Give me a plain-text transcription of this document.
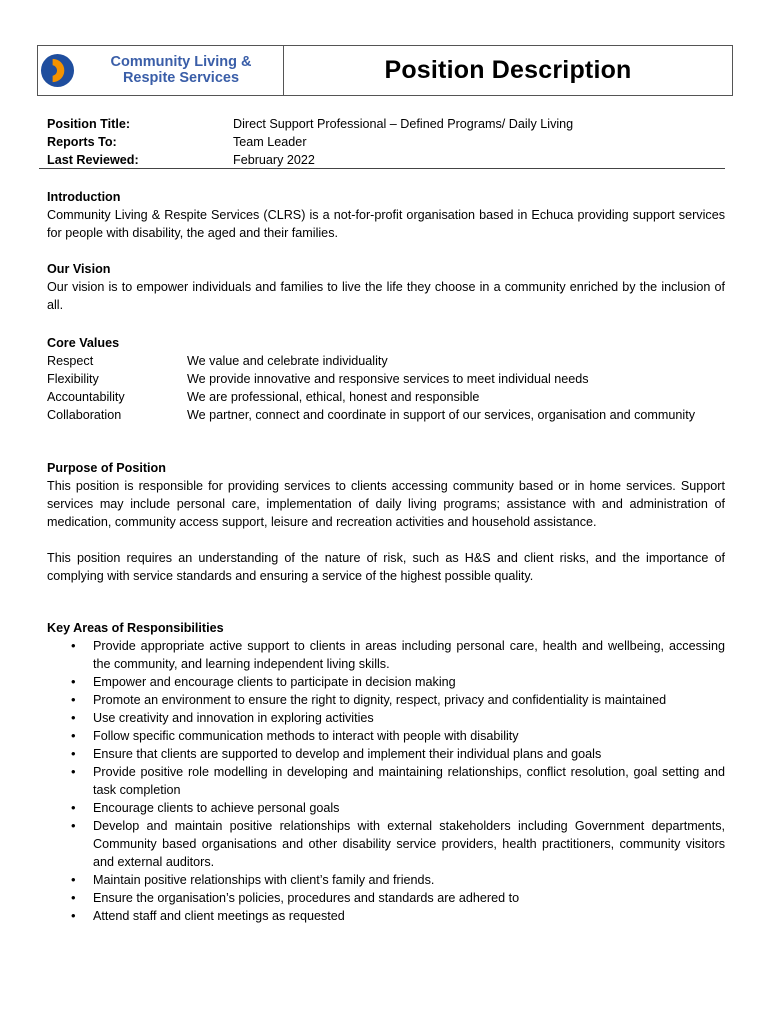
Community Living &
Respite Services	Position Description
Position Title:	Direct Support Professional – Defined Programs/ Daily Living
Reports To:	Team Leader
Last Reviewed:	February 2022
Introduction

Community Living & Respite Services (CLRS) is a not-for-profit organisation based in Echuca providing support services for people with disability, the aged and their families.

Our Vision

Our vision is to empower individuals and families to live the life they choose in a community enriched by the inclusion of all.

Core Values
Respect	We value and celebrate individuality
Flexibility	We provide innovative and responsive services to meet individual needs
Accountability	We are professional, ethical, honest and responsible
Collaboration	We partner, connect and coordinate in support of our services, organisation and community
Purpose of Position

This position is responsible for providing services to clients accessing community based or in home services. Support services may include personal care, implementation of daily living programs; assistance with and administration of medication, community access support, leisure and recreation activities and household assistance.

This position requires an understanding of the nature of risk, such as H&S and client risks, and the importance of complying with service standards and ensuring a service of the highest possible quality.

Key Areas of Responsibilities
• Provide appropriate active support to clients in areas including personal care, health and wellbeing, accessing the community, and learning independent living skills.
• Empower and encourage clients to participate in decision making
• Promote an environment to ensure the right to dignity, respect, privacy and confidentiality is maintained
• Use creativity and innovation in exploring activities
• Follow specific communication methods to interact with people with disability
• Ensure that clients are supported to develop and implement their individual plans and goals
• Provide positive role modelling in developing and maintaining relationships, conflict resolution, goal setting and task completion
• Encourage clients to achieve personal goals
• Develop and maintain positive relationships with external stakeholders including Government departments, Community based organisations and other disability service providers, health practitioners, community visitors and external auditors.
• Maintain positive relationships with client’s family and friends.
• Ensure the organisation’s policies, procedures and standards are adhered to
• Attend staff and client meetings as requested
